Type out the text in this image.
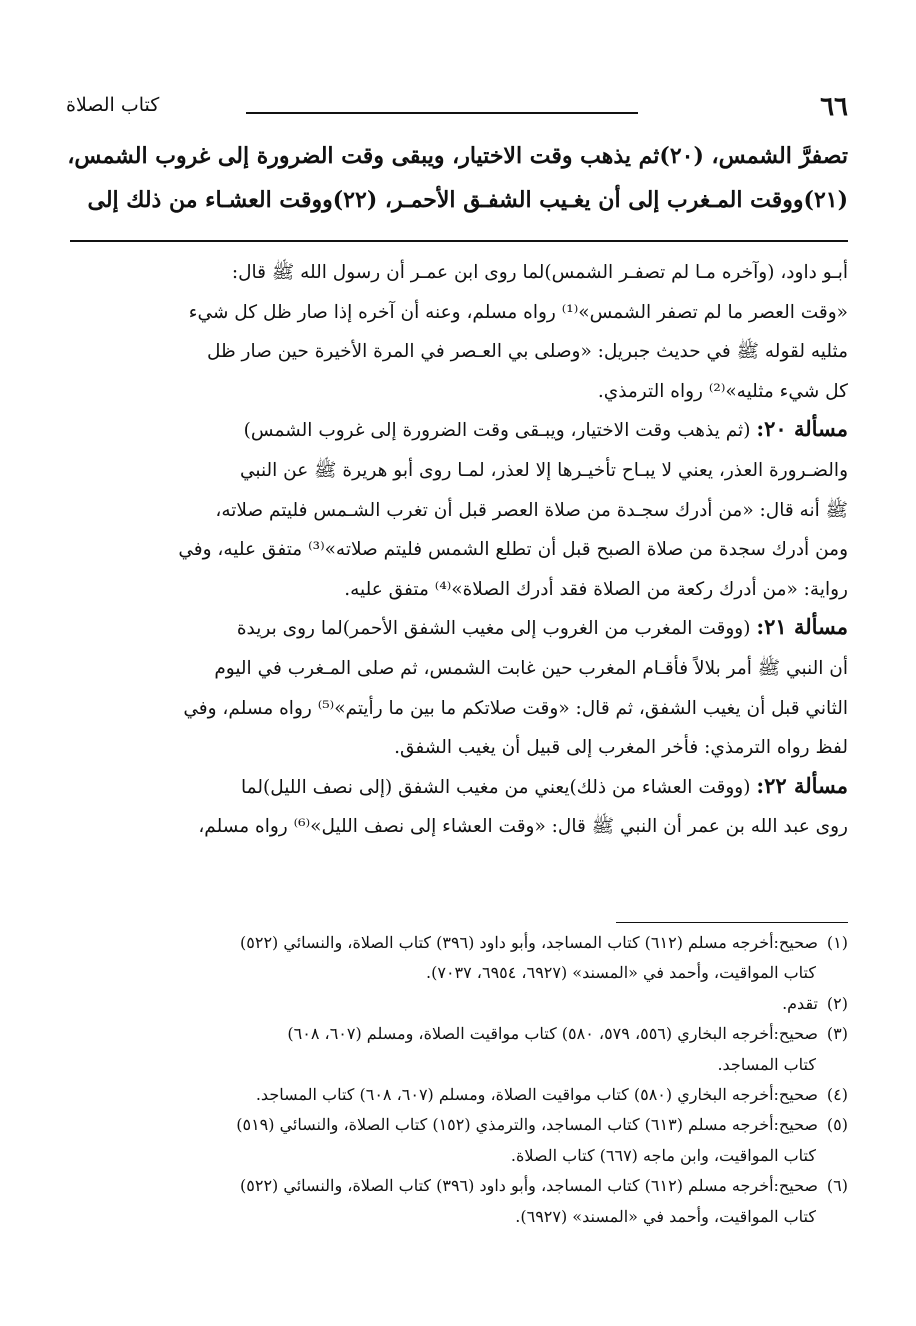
٦٦
كتاب الصلاة
تصفرَّ الشمس، (٢٠)ثم يذهب وقت الاختيار، ويبقى وقت الضرورة إلى غروب الشمس،
(٢١)ووقت المـغرب إلى أن يغـيب الشفـق الأحمـر، (٢٢)ووقت العشـاء من ذلك إلى
أبـو داود، (وآخره مـا لم تصفـر الشمس)لما روى ابن عمـر أن رسول الله ﷺ قال:
«وقت العصر ما لم تصفر الشمس»⁽¹⁾ رواه مسلم، وعنه أن آخره إذا صار ظل كل شيء
مثليه لقوله ﷺ في حديث جبريل: «وصلى بي العـصر في المرة الأخيرة حين صار ظل
كل شيء مثليه»⁽²⁾ رواه الترمذي.
مسألة ٢٠: (ثم يذهب وقت الاختيار، ويبـقى وقت الضرورة إلى غروب الشمس)
والضـرورة العذر، يعني لا يبـاح تأخيـرها إلا لعذر، لمـا روى أبو هريرة ﷺ عن النبي
ﷺ أنه قال: «من أدرك سجـدة من صلاة العصر قبل أن تغرب الشـمس فليتم صلاته،
ومن أدرك سجدة من صلاة الصبح قبل أن تطلع الشمس فليتم صلاته»⁽³⁾ متفق عليه، وفي
رواية: «من أدرك ركعة من الصلاة فقد أدرك الصلاة»⁽⁴⁾ متفق عليه.
مسألة ٢١: (ووقت المغرب من الغروب إلى مغيب الشفق الأحمر)لما روى بريدة
أن النبي ﷺ أمر بلالاً فأقـام المغرب حين غابت الشمس، ثم صلى المـغرب في اليوم
الثاني قبل أن يغيب الشفق، ثم قال: «وقت صلاتكم ما بين ما رأيتم»⁽⁵⁾ رواه مسلم، وفي
لفظ رواه الترمذي: فأخر المغرب إلى قبيل أن يغيب الشفق.
مسألة ٢٢: (ووقت العشاء من ذلك)يعني من مغيب الشفق (إلى نصف الليل)لما
روى عبد الله بن عمر أن النبي ﷺ قال: «وقت العشاء إلى نصف الليل»⁽⁶⁾ رواه مسلم،
(١)صحيح:أخرجه مسلم (٦١٢) كتاب المساجد، وأبو داود (٣٩٦) كتاب الصلاة، والنسائي (٥٢٢)
كتاب المواقيت، وأحمد في «المسند» (٦٩٢٧، ٦٩٥٤، ٧٠٣٧).
(٢)تقدم.
(٣)صحيح:أخرجه البخاري (٥٥٦، ٥٧٩، ٥٨٠) كتاب مواقيت الصلاة، ومسلم (٦٠٧، ٦٠٨)
كتاب المساجد.
(٤)صحيح:أخرجه البخاري (٥٨٠) كتاب مواقيت الصلاة، ومسلم (٦٠٧، ٦٠٨) كتاب المساجد.
(٥)صحيح:أخرجه مسلم (٦١٣) كتاب المساجد، والترمذي (١٥٢) كتاب الصلاة، والنسائي (٥١٩)
كتاب المواقيت، وابن ماجه (٦٦٧) كتاب الصلاة.
(٦)صحيح:أخرجه مسلم (٦١٢) كتاب المساجد، وأبو داود (٣٩٦) كتاب الصلاة، والنسائي (٥٢٢)
كتاب المواقيت، وأحمد في «المسند» (٦٩٢٧).
